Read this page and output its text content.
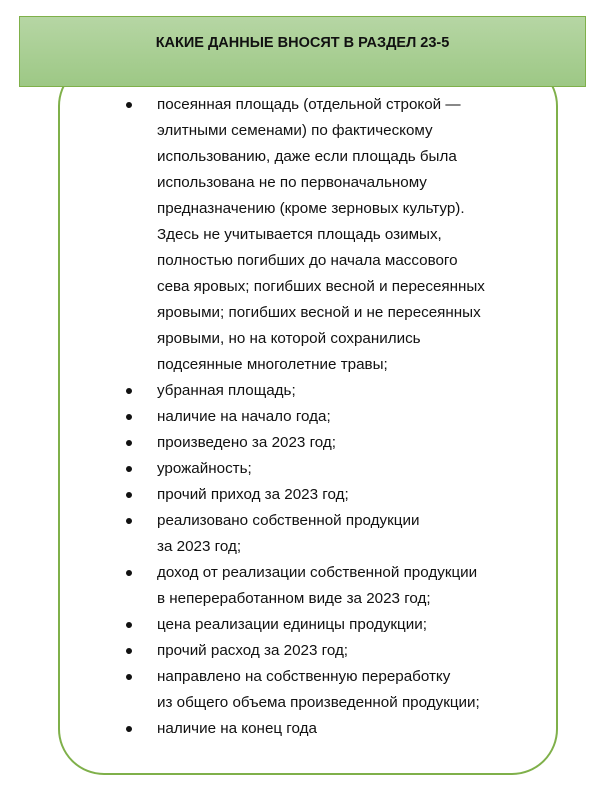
КАКИЕ ДАННЫЕ ВНОСЯТ В РАЗДЕЛ 23-5
посеянная площадь (отдельной строкой —
элитными семенами) по фактическому
использованию, даже если площадь была
использована не по первоначальному
предназначению (кроме зерновых культур).
Здесь не учитывается площадь озимых,
полностью погибших до начала массового
сева яровых; погибших весной и пересеянных
яровыми; погибших весной и не пересеянных
яровыми, но на которой сохранились
подсеянные многолетние травы;
убранная площадь;
наличие на начало года;
произведено за 2023 год;
урожайность;
прочий приход за 2023 год;
реализовано собственной продукции
за 2023 год;
доход от реализации собственной продукции
в непереработанном виде за 2023 год;
цена реализации единицы продукции;
прочий расход за 2023 год;
направлено на собственную переработку
из общего объема произведенной продукции;
наличие на конец года
